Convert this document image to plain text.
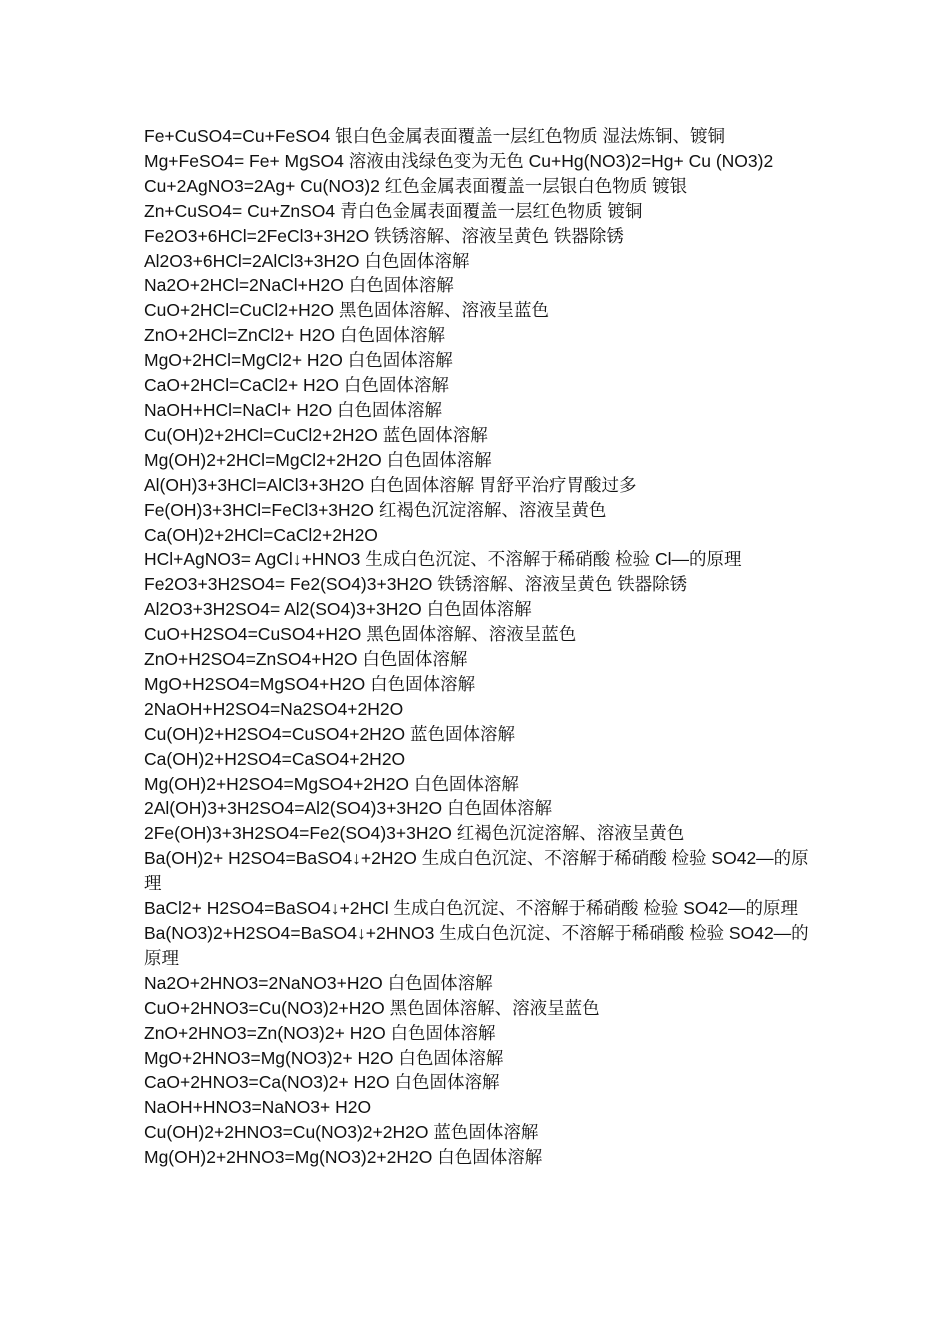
Fe+CuSO4=Cu+FeSO4 银白色金属表面覆盖一层红色物质 湿法炼铜、镀铜
Mg+FeSO4= Fe+ MgSO4 溶液由浅绿色变为无色 Cu+Hg(NO3)2=Hg+ Cu (NO3)2
Cu+2AgNO3=2Ag+ Cu(NO3)2 红色金属表面覆盖一层银白色物质 镀银
Zn+CuSO4= Cu+ZnSO4 青白色金属表面覆盖一层红色物质 镀铜
Fe2O3+6HCl=2FeCl3+3H2O 铁锈溶解、溶液呈黄色 铁器除锈
Al2O3+6HCl=2AlCl3+3H2O 白色固体溶解
Na2O+2HCl=2NaCl+H2O 白色固体溶解
CuO+2HCl=CuCl2+H2O 黑色固体溶解、溶液呈蓝色
ZnO+2HCl=ZnCl2+ H2O 白色固体溶解
MgO+2HCl=MgCl2+ H2O 白色固体溶解
CaO+2HCl=CaCl2+ H2O 白色固体溶解
NaOH+HCl=NaCl+ H2O 白色固体溶解
Cu(OH)2+2HCl=CuCl2+2H2O 蓝色固体溶解
Mg(OH)2+2HCl=MgCl2+2H2O 白色固体溶解
Al(OH)3+3HCl=AlCl3+3H2O 白色固体溶解 胃舒平治疗胃酸过多
Fe(OH)3+3HCl=FeCl3+3H2O 红褐色沉淀溶解、溶液呈黄色
Ca(OH)2+2HCl=CaCl2+2H2O
HCl+AgNO3= AgCl↓+HNO3 生成白色沉淀、不溶解于稀硝酸 检验 Cl—的原理
Fe2O3+3H2SO4= Fe2(SO4)3+3H2O 铁锈溶解、溶液呈黄色 铁器除锈
Al2O3+3H2SO4= Al2(SO4)3+3H2O 白色固体溶解
CuO+H2SO4=CuSO4+H2O 黑色固体溶解、溶液呈蓝色
ZnO+H2SO4=ZnSO4+H2O 白色固体溶解
MgO+H2SO4=MgSO4+H2O 白色固体溶解
2NaOH+H2SO4=Na2SO4+2H2O
Cu(OH)2+H2SO4=CuSO4+2H2O 蓝色固体溶解
Ca(OH)2+H2SO4=CaSO4+2H2O
Mg(OH)2+H2SO4=MgSO4+2H2O 白色固体溶解
2Al(OH)3+3H2SO4=Al2(SO4)3+3H2O 白色固体溶解
2Fe(OH)3+3H2SO4=Fe2(SO4)3+3H2O 红褐色沉淀溶解、溶液呈黄色
Ba(OH)2+ H2SO4=BaSO4↓+2H2O 生成白色沉淀、不溶解于稀硝酸 检验 SO42—的原理
BaCl2+ H2SO4=BaSO4↓+2HCl 生成白色沉淀、不溶解于稀硝酸 检验 SO42—的原理
Ba(NO3)2+H2SO4=BaSO4↓+2HNO3 生成白色沉淀、不溶解于稀硝酸 检验 SO42—的原理
Na2O+2HNO3=2NaNO3+H2O 白色固体溶解
CuO+2HNO3=Cu(NO3)2+H2O 黑色固体溶解、溶液呈蓝色
ZnO+2HNO3=Zn(NO3)2+ H2O 白色固体溶解
MgO+2HNO3=Mg(NO3)2+ H2O 白色固体溶解
CaO+2HNO3=Ca(NO3)2+ H2O 白色固体溶解
NaOH+HNO3=NaNO3+ H2O
Cu(OH)2+2HNO3=Cu(NO3)2+2H2O 蓝色固体溶解
Mg(OH)2+2HNO3=Mg(NO3)2+2H2O 白色固体溶解
